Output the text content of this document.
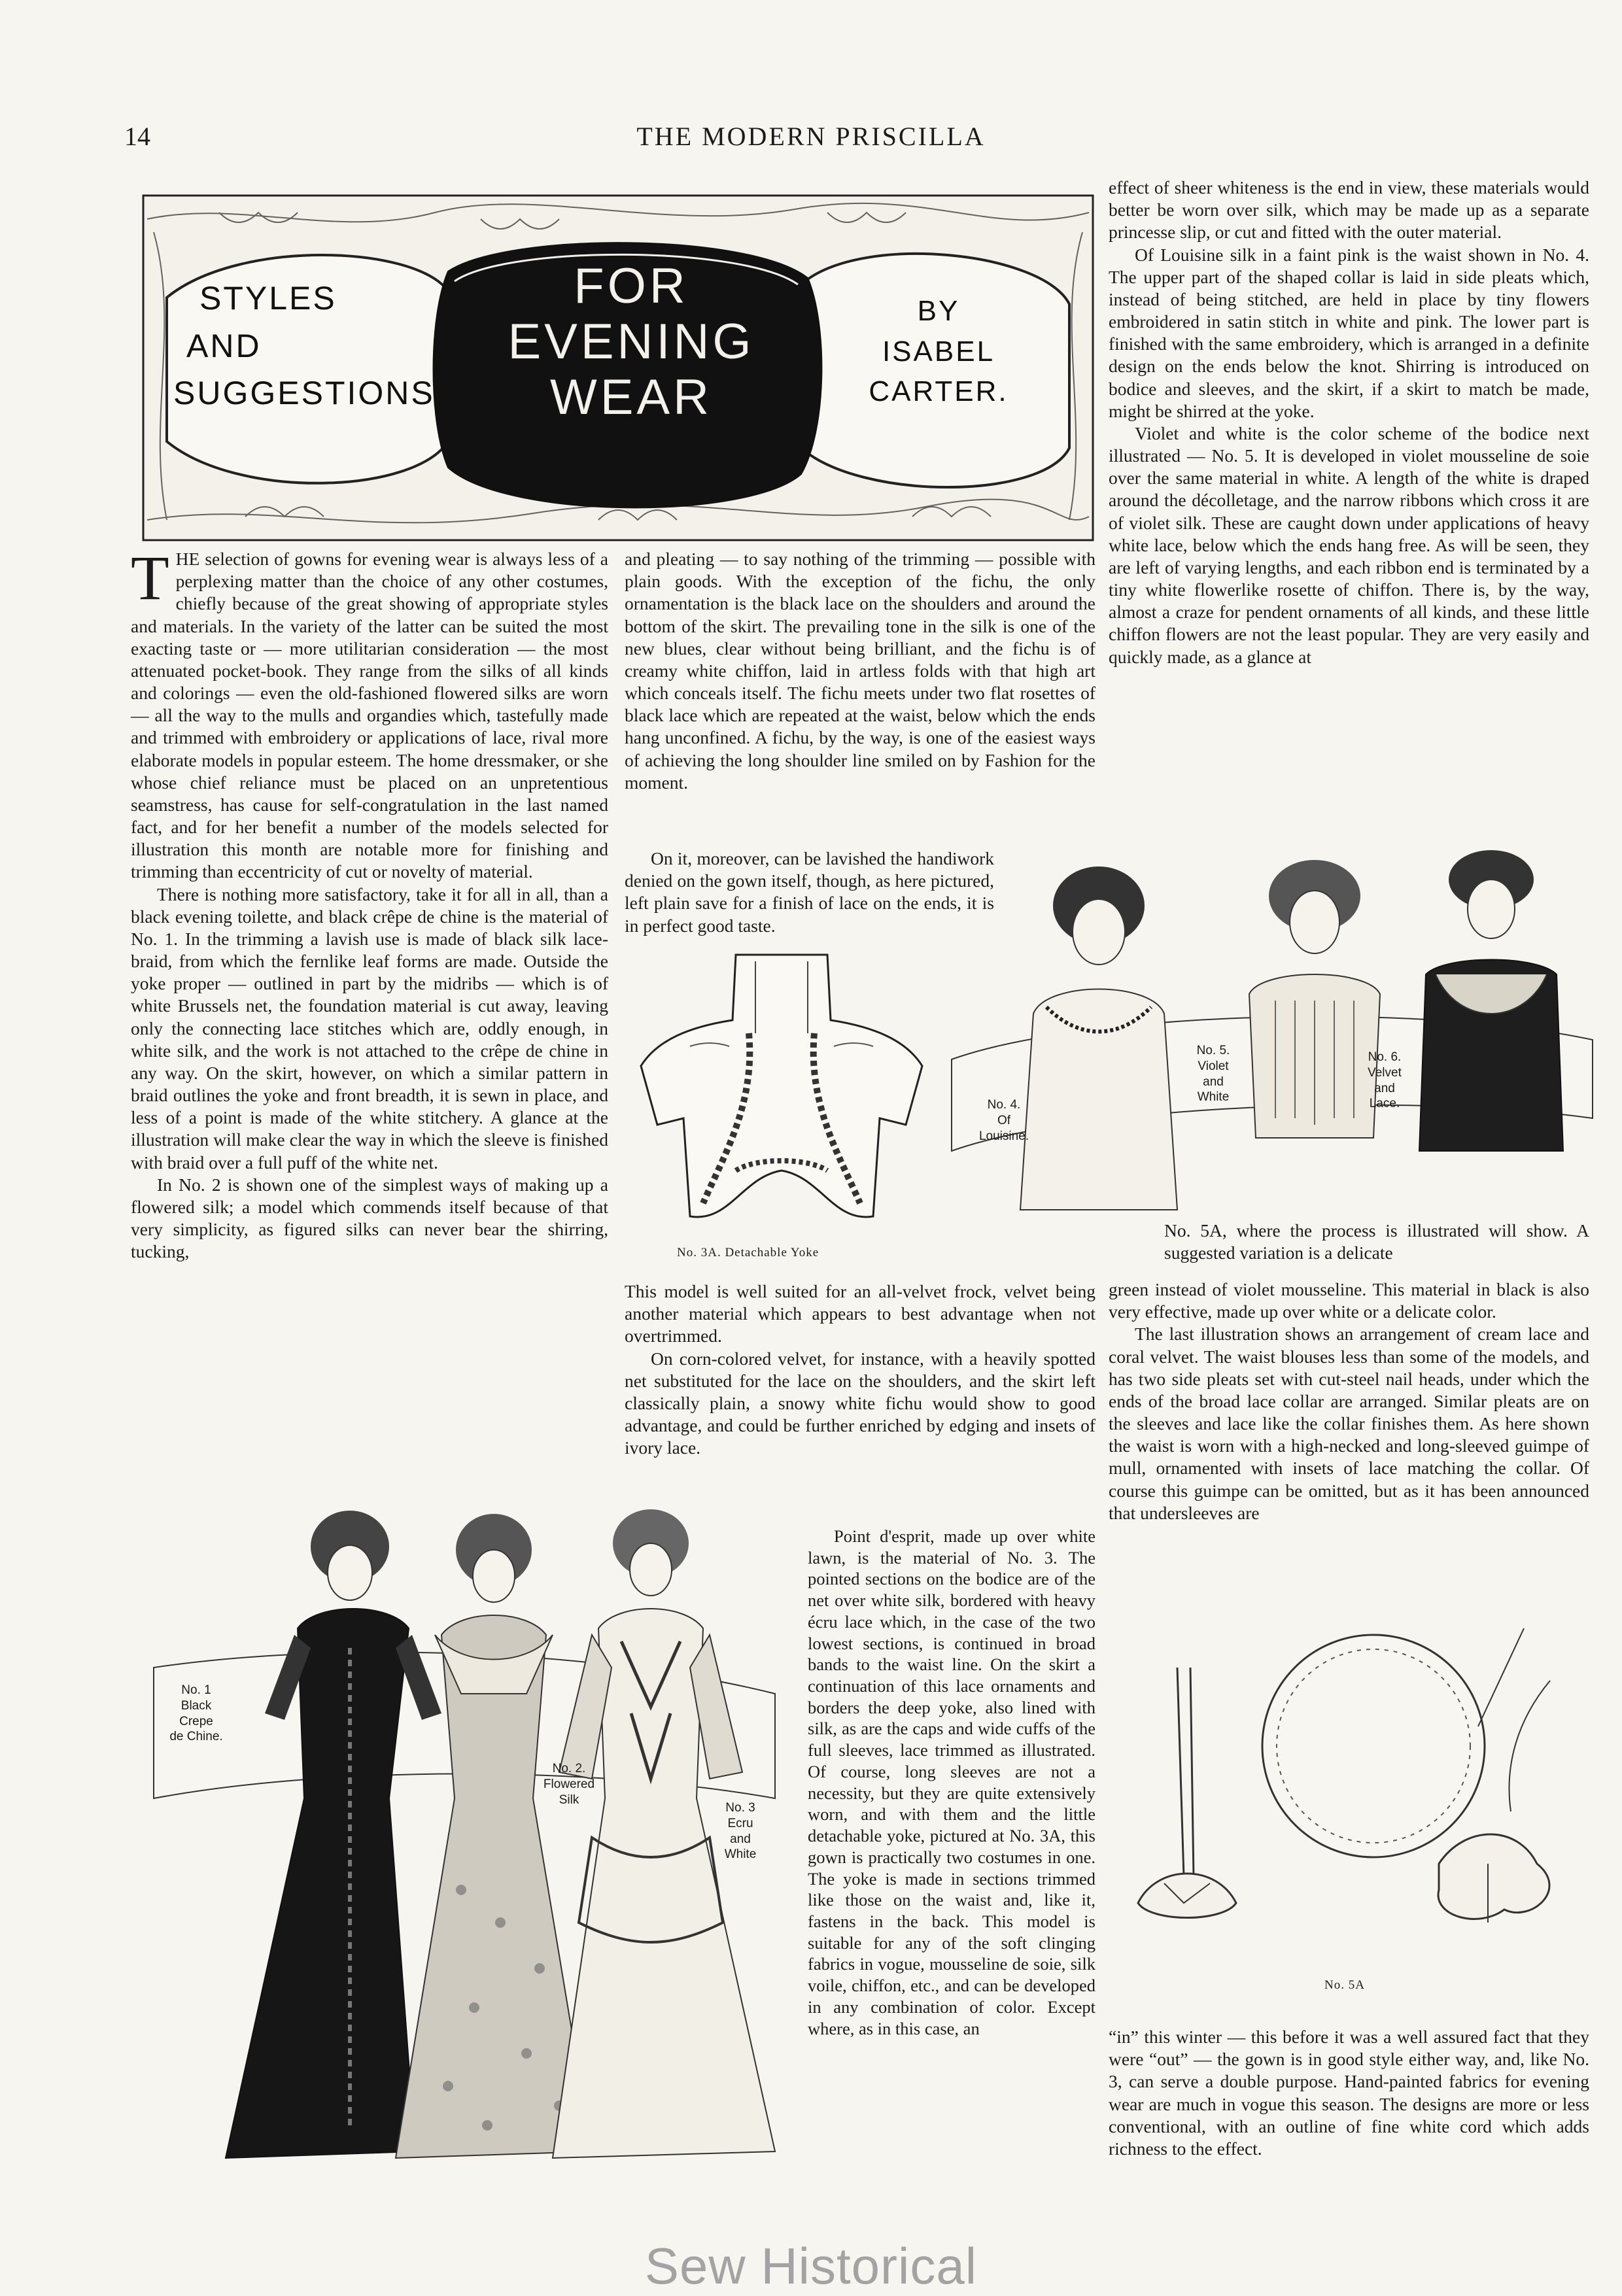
14	THE MODERN PRISCILLA
STYLES
AND
SUGGESTIONS.
FOR
EVENING
WEAR
BY
ISABEL
CARTER.

THE selection of gowns for evening wear is always less of a perplexing matter than the choice of any other costumes, chiefly because of the great showing of appropriate styles and materials. In the variety of the latter can be suited the most exacting taste or — more utilitarian consideration — the most attenuated pocket-book. They range from the silks of all kinds and colorings — even the old-fashioned flowered silks are worn — all the way to the mulls and organdies which, tastefully made and trimmed with embroidery or applications of lace, rival more elaborate models in popular esteem. The home dressmaker, or she whose chief reliance must be placed on an unpretentious seamstress, has cause for self-congratulation in the last named fact, and for her benefit a number of the models selected for illustration this month are notable more for finishing and trimming than eccentricity of cut or novelty of material.

There is nothing more satisfactory, take it for all in all, than a black evening toilette, and black crêpe de chine is the material of No. 1. In the trimming a lavish use is made of black silk lace-braid, from which the fernlike leaf forms are made. Outside the yoke proper — outlined in part by the midribs — which is of white Brussels net, the foundation material is cut away, leaving only the connecting lace stitches which are, oddly enough, in white silk, and the work is not attached to the crêpe de chine in any way. On the skirt, however, on which a similar pattern in braid outlines the yoke and front breadth, it is sewn in place, and less of a point is made of the white stitchery. A glance at the illustration will make clear the way in which the sleeve is finished with braid over a full puff of the white net.

In No. 2 is shown one of the simplest ways of making up a flowered silk; a model which commends itself because of that very simplicity, as figured silks can never bear the shirring, tucking,

and pleating — to say nothing of the trimming — possible with plain goods. With the exception of the fichu, the only ornamentation is the black lace on the shoulders and around the bottom of the skirt. The prevailing tone in the silk is one of the new blues, clear without being brilliant, and the fichu is of creamy white chiffon, laid in artless folds with that high art which conceals itself. The fichu meets under two flat rosettes of black lace which are repeated at the waist, below which the ends hang unconfined. A fichu, by the way, is one of the easiest ways of achieving the long shoulder line smiled on by Fashion for the moment.

On it, moreover, can be lavished the handiwork denied on the gown itself, though, as here pictured, left plain save for a finish of lace on the ends, it is in perfect good taste.

No. 3A. Detachable Yoke
No. 4.
Of
Louisine.
No. 5.
Violet
and
White
No. 6.
Velvet
and
Lace.

This model is well suited for an all-velvet frock, velvet being another material which appears to best advantage when not overtrimmed.

On corn-colored velvet, for instance, with a heavily spotted net substituted for the lace on the shoulders, and the skirt left classically plain, a snowy white fichu would show to good advantage, and could be further enriched by edging and insets of ivory lace.

No. 1
Black
Crepe
de Chine.
No. 2.
Flowered
Silk
No. 3
Ecru
and
White

Point d'esprit, made up over white lawn, is the material of No. 3. The pointed sections on the bodice are of the net over white silk, bordered with heavy écru lace which, in the case of the two lowest sections, is continued in broad bands to the waist line. On the skirt a continuation of this lace ornaments and borders the deep yoke, also lined with silk, as are the caps and wide cuffs of the full sleeves, lace trimmed as illustrated. Of course, long sleeves are not a necessity, but they are quite extensively worn, and with them and the little detachable yoke, pictured at No. 3A, this gown is practically two costumes in one. The yoke is made in sections trimmed like those on the waist and, like it, fastens in the back. This model is suitable for any of the soft clinging fabrics in vogue, mousseline de soie, silk voile, chiffon, etc., and can be developed in any combination of color. Except where, as in this case, an

effect of sheer whiteness is the end in view, these materials would better be worn over silk, which may be made up as a separate princesse slip, or cut and fitted with the outer material.

Of Louisine silk in a faint pink is the waist shown in No. 4. The upper part of the shaped collar is laid in side pleats which, instead of being stitched, are held in place by tiny flowers embroidered in satin stitch in white and pink. The lower part is finished with the same embroidery, which is arranged in a definite design on the ends below the knot. Shirring is introduced on bodice and sleeves, and the skirt, if a skirt to match be made, might be shirred at the yoke.

Violet and white is the color scheme of the bodice next illustrated — No. 5. It is developed in violet mousseline de soie over the same material in white. A length of the white is draped around the décolletage, and the narrow ribbons which cross it are of violet silk. These are caught down under applications of heavy white lace, below which the ends hang free. As will be seen, they are left of varying lengths, and each ribbon end is terminated by a tiny white flowerlike rosette of chiffon. There is, by the way, almost a craze for pendent ornaments of all kinds, and these little chiffon flowers are not the least popular. They are very easily and quickly made, as a glance at

No. 5A, where the process is illustrated will show. A suggested variation is a delicate

green instead of violet mousseline. This material in black is also very effective, made up over white or a delicate color.

The last illustration shows an arrangement of cream lace and coral velvet. The waist blouses less than some of the models, and has two side pleats set with cut-steel nail heads, under which the ends of the broad lace collar are arranged. Similar pleats are on the sleeves and lace like the collar finishes them. As here shown the waist is worn with a high-necked and long-sleeved guimpe of mull, ornamented with insets of lace matching the collar. Of course this guimpe can be omitted, but as it has been announced that undersleeves are

No. 5A

“in” this winter — this before it was a well assured fact that they were “out” — the gown is in good style either way, and, like No. 3, can serve a double purpose. Hand-painted fabrics for evening wear are much in vogue this season. The designs are more or less conventional, with an outline of fine white cord which adds richness to the effect.

Sew Historical
